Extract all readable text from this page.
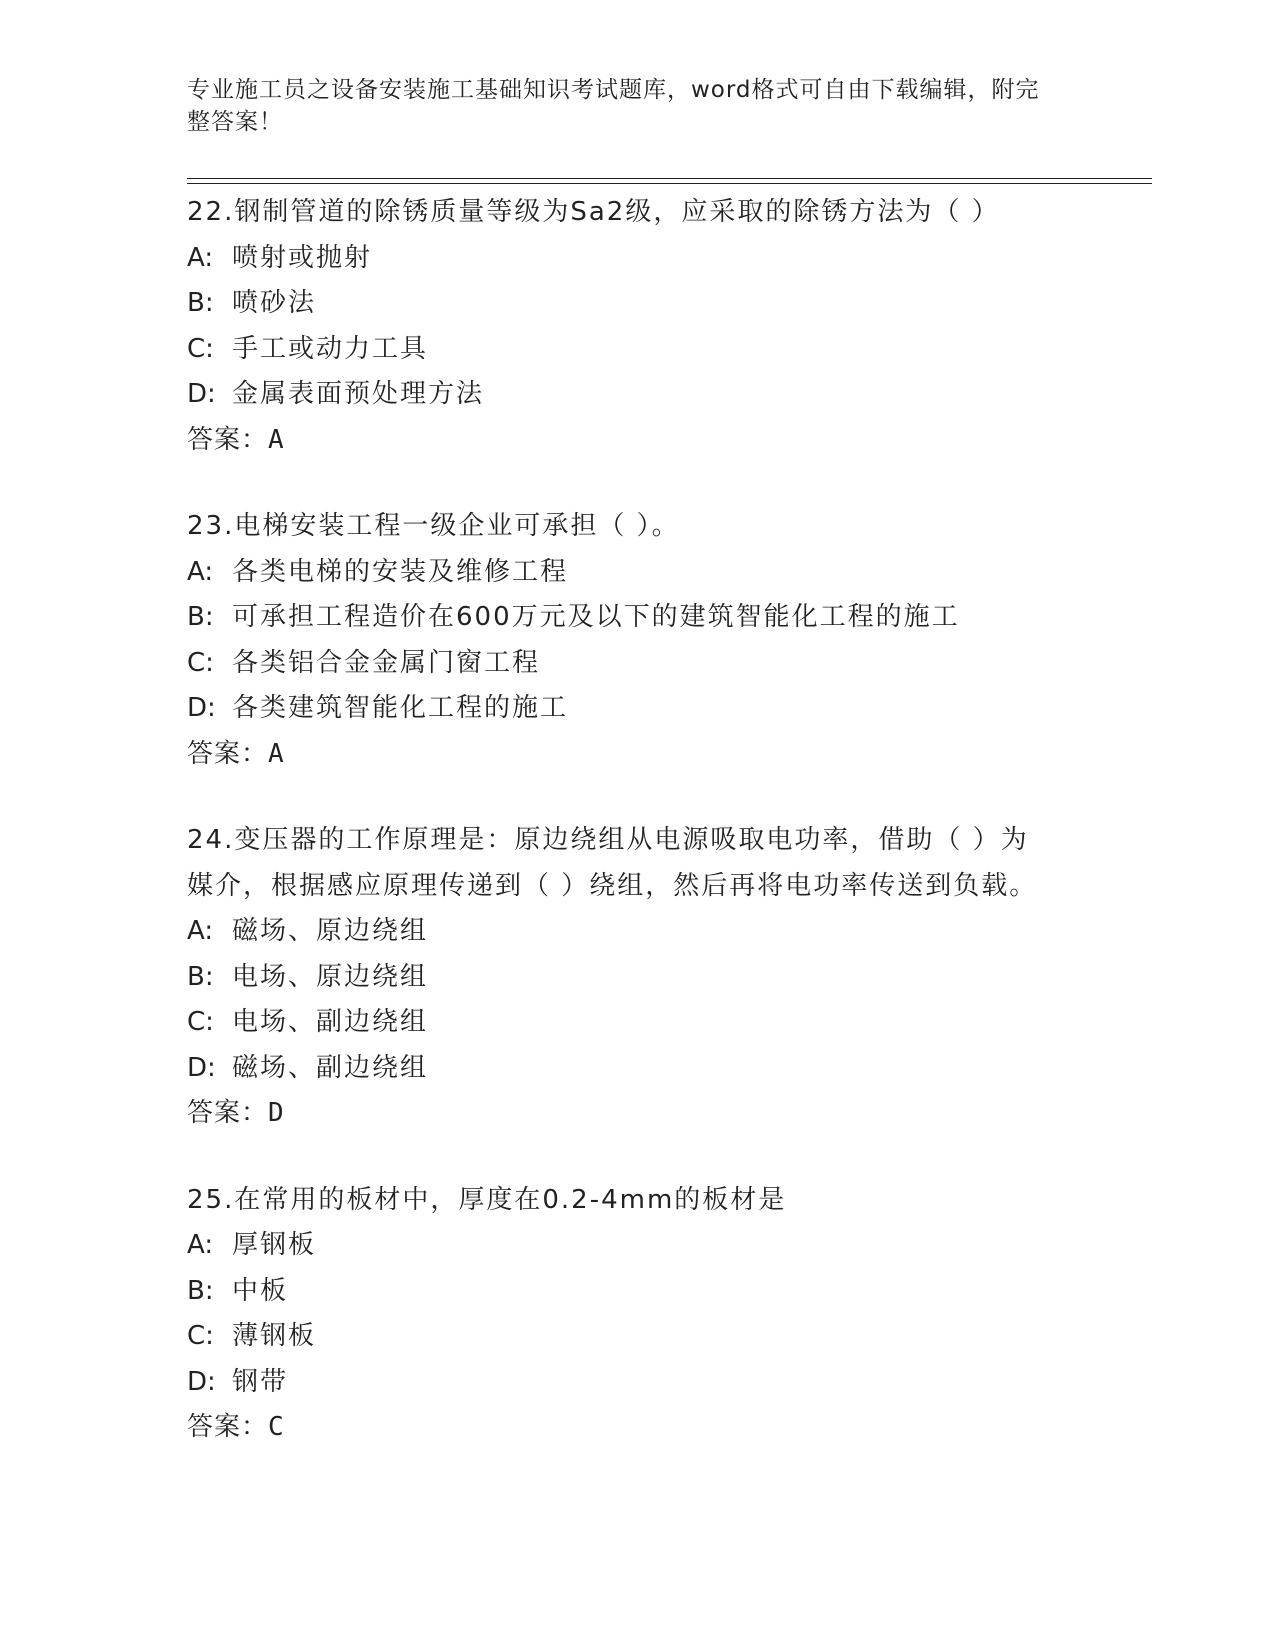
专业施工员之设备安装施工基础知识考试题库，word格式可自由下载编辑，附完
整答案！
22.钢制管道的除锈质量等级为Sa2级，应采取的除锈方法为（ ）
A: 喷射或抛射
B: 喷砂法
C: 手工或动力工具
D: 金属表面预处理方法
答案：A
23.电梯安装工程一级企业可承担（ ）。
A: 各类电梯的安装及维修工程
B: 可承担工程造价在600万元及以下的建筑智能化工程的施工
C: 各类铝合金金属门窗工程
D: 各类建筑智能化工程的施工
答案：A
24.变压器的工作原理是：原边绕组从电源吸取电功率，借助（ ）为
媒介，根据感应原理传递到（ ）绕组，然后再将电功率传送到负载。
A: 磁场、原边绕组
B: 电场、原边绕组
C: 电场、副边绕组
D: 磁场、副边绕组
答案：D
25.在常用的板材中，厚度在0.2-4mm的板材是
A: 厚钢板
B: 中板
C: 薄钢板
D: 钢带
答案：C
